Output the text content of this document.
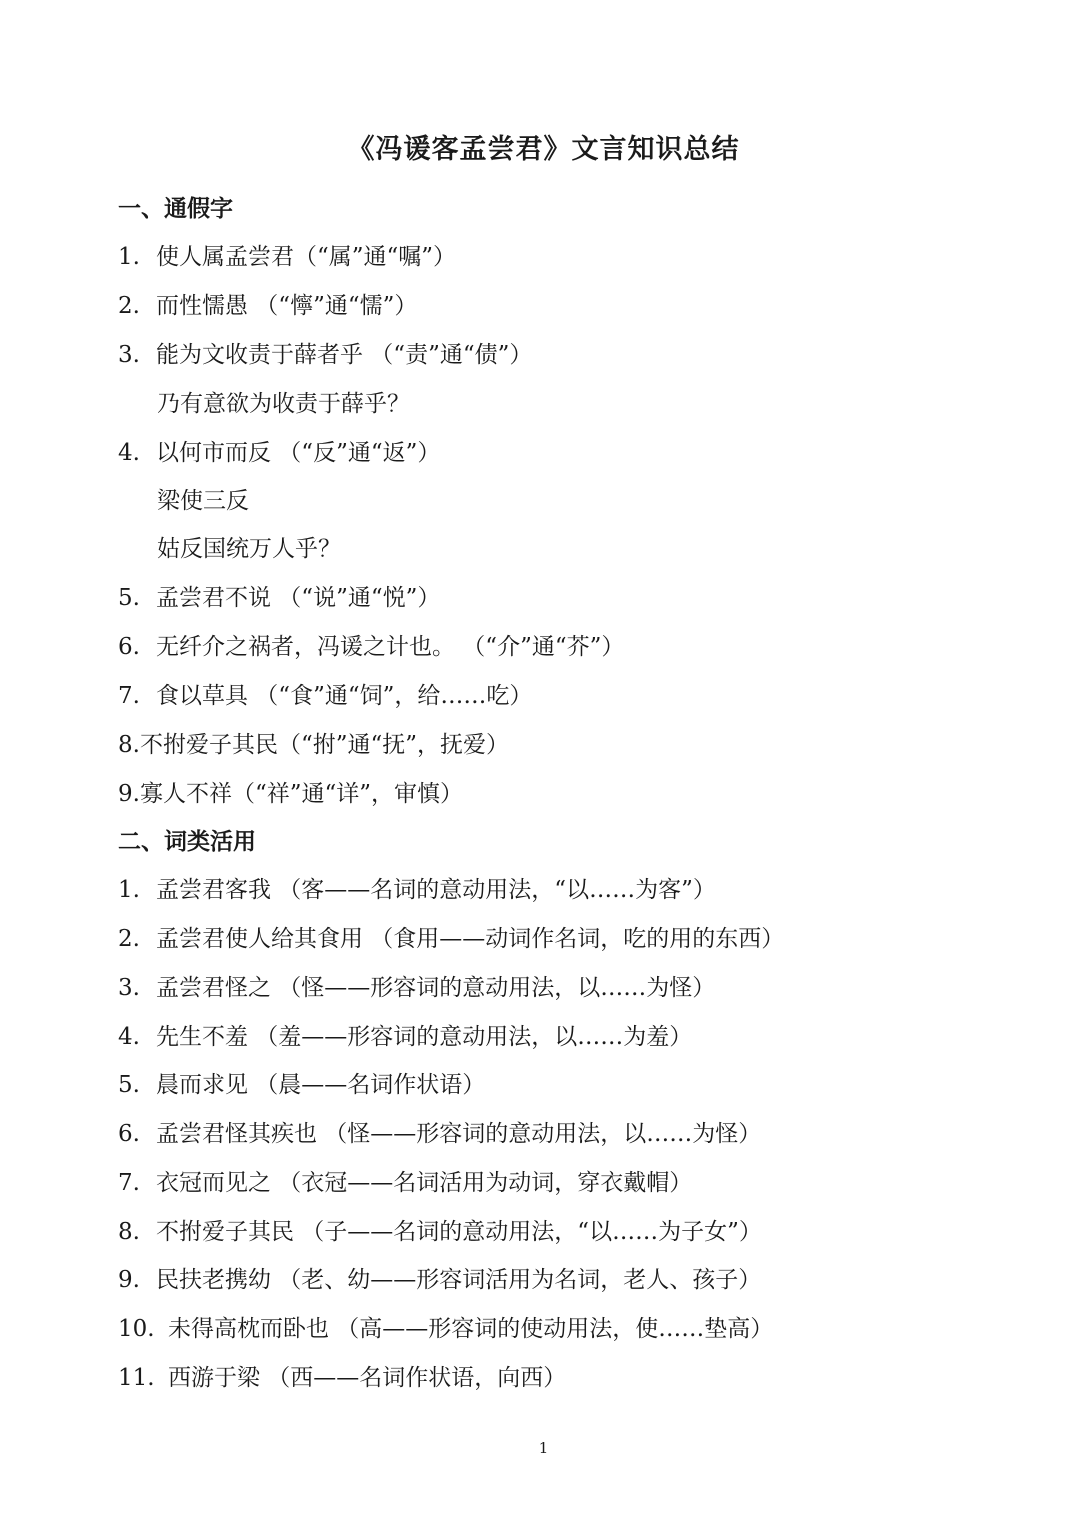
《冯谖客孟尝君》文言知识总结
一、通假字
1. 使人属孟尝君（“属”通“嘱”）
2. 而性懦愚 （“懧”通“懦”）
3. 能为文收责于薛者乎 （“责”通“债”）
乃有意欲为收责于薛乎？
4. 以何市而反 （“反”通“返”）
梁使三反
姑反国统万人乎？
5. 孟尝君不说 （“说”通“悦”）
6. 无纤介之祸者，冯谖之计也。 （“介”通“芥”）
7. 食以草具 （“食”通“饲”，给……吃）
8.不拊爱子其民（“拊”通“抚”，抚爱）
9.寡人不祥（“祥”通“详”，审慎）
二、词类活用
1. 孟尝君客我 （客——名词的意动用法，“以……为客”）
2. 孟尝君使人给其食用 （食用——动词作名词，吃的用的东西）
3. 孟尝君怪之 （怪——形容词的意动用法，以……为怪）
4. 先生不羞 （羞——形容词的意动用法，以……为羞）
5. 晨而求见 （晨——名词作状语）
6. 孟尝君怪其疾也 （怪——形容词的意动用法，以……为怪）
7. 衣冠而见之 （衣冠——名词活用为动词，穿衣戴帽）
8. 不拊爱子其民 （子——名词的意动用法，“以……为子女”）
9. 民扶老携幼 （老、幼——形容词活用为名词，老人、孩子）
10. 未得高枕而卧也 （高——形容词的使动用法，使……垫高）
11. 西游于梁 （西——名词作状语，向西）
1
